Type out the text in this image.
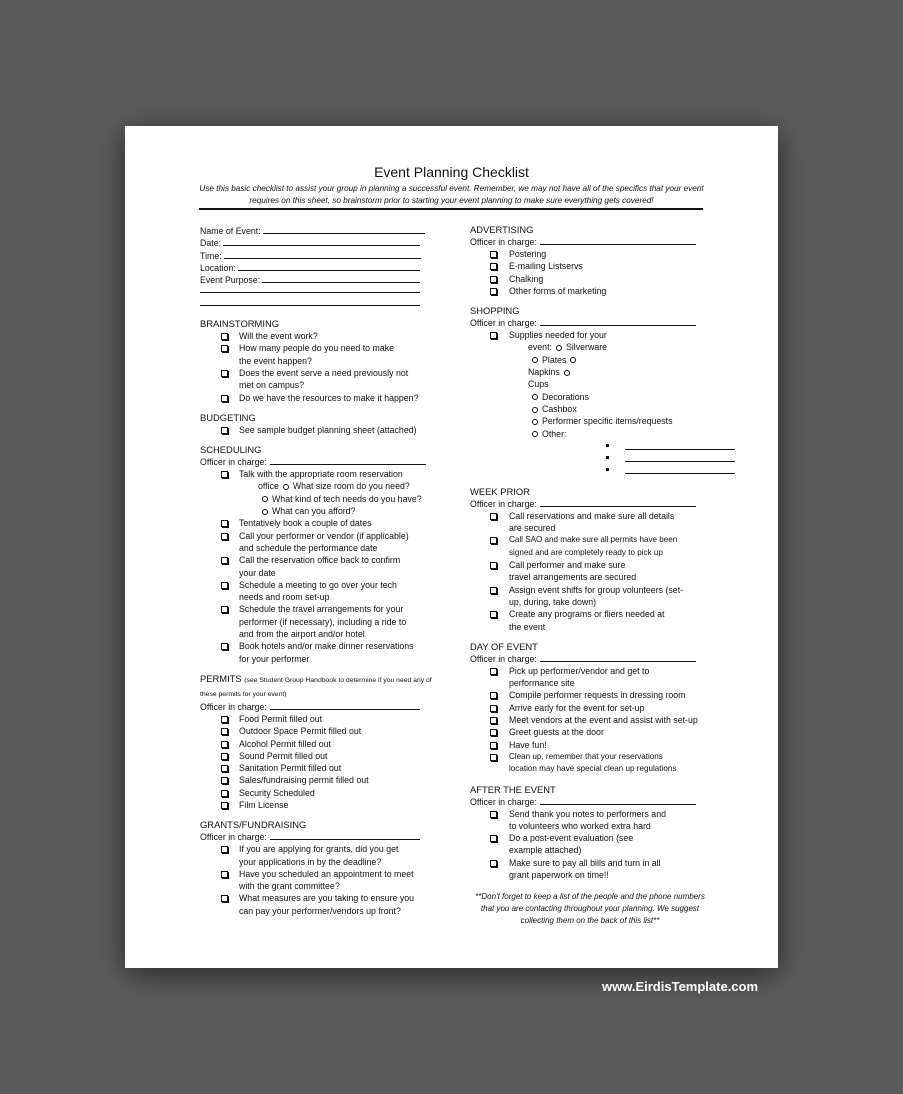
Event Planning Checklist
Use this basic checklist to assist your group in planning a successful event. Remember, we may not have all of the specifics that your event requires on this sheet, so brainstorm prior to starting your event planning to make sure everything gets covered!
Name of Event:
Date:
Time:
Location:
Event Purpose:
BRAINSTORMING
Will the event work?
How many people do you need to make
the event happen?
Does the event serve a need previously not
met on campus?
Do we have the resources to make it happen?
BUDGETING
See sample budget planning sheet (attached)
SCHEDULING
Officer in charge:
Talk with the appropriate room reservation
office What size room do you need?
What kind of tech needs do you have?
What can you afford?
Tentatively book a couple of dates
Call your performer or vendor (if applicable)
and schedule the performance date
Call the reservation office back to confirm
your date
Schedule a meeting to go over your tech
needs and room set-up
Schedule the travel arrangements for your
performer (if necessary), including a ride to
and from the airport and/or hotel
Book hotels and/or make dinner reservations
for your performer
PERMITS (see Student Group Handbook to determine if you need any of these permits for your event)
Officer in charge:
Food Permit filled out
Outdoor Space Permit filled out
Alcohol Permit filled out
Sound Permit filled out
Sanitation Permit filled out
Sales/fundraising permit filled out
Security Scheduled
Film License
GRANTS/FUNDRAISING
Officer in charge:
If you are applying for grants, did you get
your applications in by the deadline?
Have you scheduled an appointment to meet
with the grant committee?
What measures are you taking to ensure you
can pay your performer/vendors up front?
ADVERTISING
Officer in charge:
Postering
E-mailing Listservs
Chalking
Other forms of marketing
SHOPPING
Officer in charge:
Supplies needed for your
event: Silverware
Plates
Napkins
Cups
Decorations
Cashbox
Performer specific items/requests
Other:
WEEK PRIOR
Officer in charge:
Call reservations and make sure all details
are secured
Call SAO and make sure all permits have been
signed and are completely ready to pick up
Call performer and make sure
travel arrangements are secured
Assign event shifts for group volunteers (set-
up, during, take down)
Create any programs or fliers needed at
the event
DAY OF EVENT
Officer in charge:
Pick up performer/vendor and get to
performance site
Compile performer requests in dressing room
Arrive early for the event for set-up
Meet vendors at the event and assist with set-up
Greet guests at the door
Have fun!
Clean up, remember that your reservations
location may have special clean up regulations
AFTER THE EVENT
Officer in charge:
Send thank you notes to performers and
to volunteers who worked extra hard
Do a post-event evaluation (see
example attached)
Make sure to pay all bills and turn in all
grant paperwork on time!!
**Don't forget to keep a list of the people and the phone numbers that you are contacting throughout your planning. We suggest collecting them on the back of this list**
www.EirdisTemplate.com
